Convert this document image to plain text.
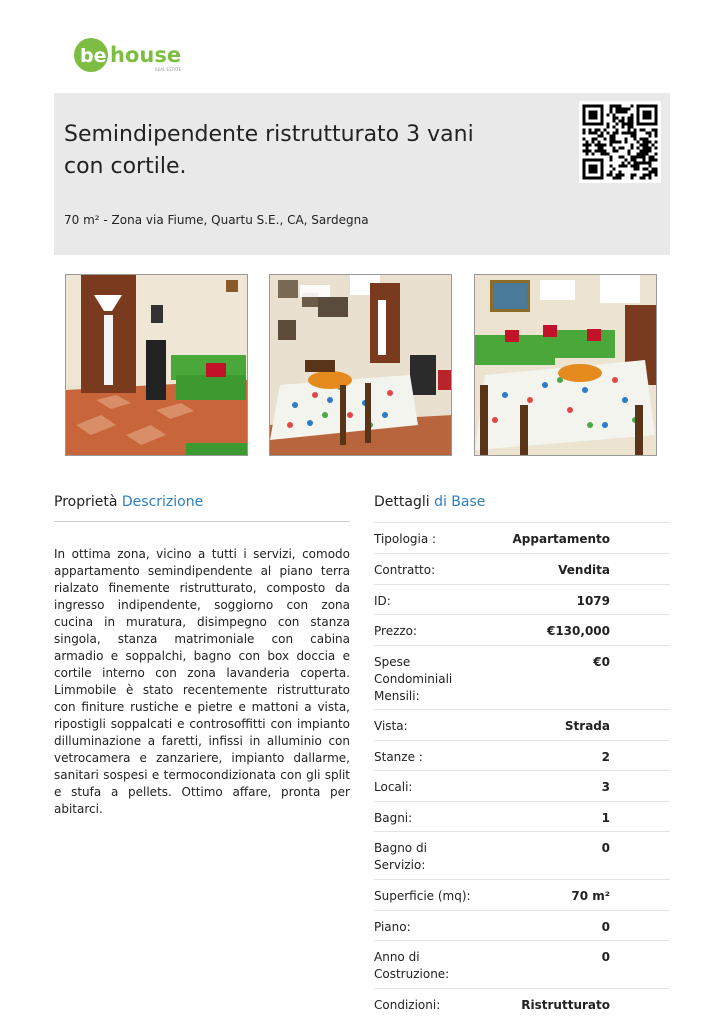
be house
REAL ESTATE
Semindipendente ristrutturato 3 vani con cortile.
70 m² - Zona via Fiume, Quartu S.E., CA, Sardegna
Proprietà Descrizione

In ottima zona, vicino a tutti i servizi, comodo appartamento semindipendente al piano terra rialzato finemente ristrutturato, composto da ingresso indipendente, soggiorno con zona cucina in muratura, disimpegno con stanza singola, stanza matrimoniale con cabina armadio e soppalchi, bagno con box doccia e cortile interno con zona lavanderia coperta. Limmobile è stato recentemente ristrutturato con finiture rustiche e pietre e mattoni a vista, ripostigli soppalcati e controsoffitti con impianto dilluminazione a faretti, infissi in alluminio con vetrocamera e zanzariere, impianto dallarme, sanitari sospesi e termocondizionata con gli split e stufa a pellets. Ottimo affare, pronta per abitarci.

Dettagli di Base
Tipologia :	Appartamento
Contratto:	Vendita
ID:	1079
Prezzo:	€130,000
Spese Condominiali Mensili:
€0
Vista:	Strada
Stanze :	2
Locali:	3
Bagni:	1
Bagno di Servizio:
0
Superficie (mq):	70 m²
Piano:	0
Anno di Costruzione:
0
Condizioni:	Ristrutturato
